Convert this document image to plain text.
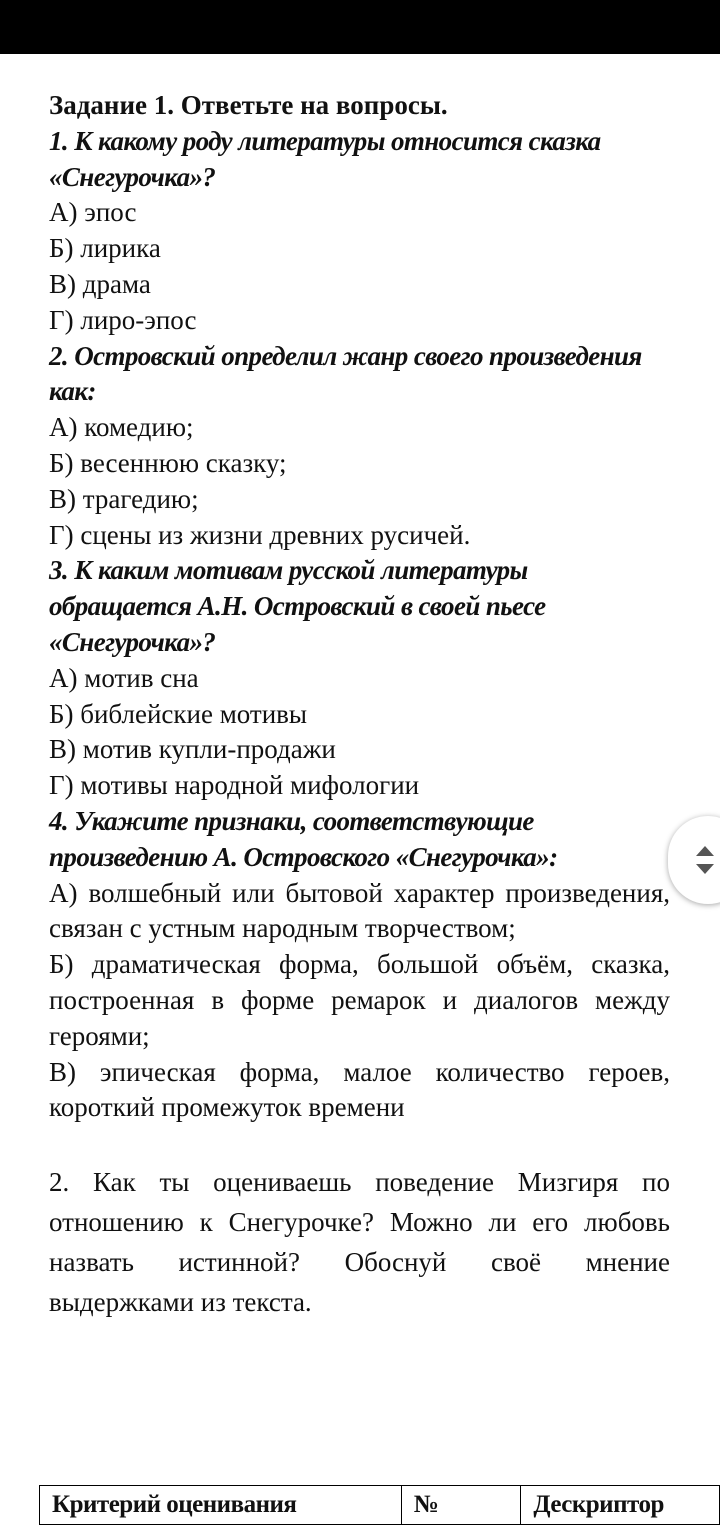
Задание 1. Ответьте на вопросы.

1. К какому роду литературы относится сказка «Снегурочка»?

А) эпос

Б) лирика

В) драма

Г) лиро-эпос

2. Островский определил жанр своего произведения как:

А) комедию;

Б) весеннюю сказку;

В) трагедию;

Г) сцены из жизни древних русичей.

3. К каким мотивам русской литературы обращается А.Н. Островский в своей пьесе «Снегурочка»?

А) мотив сна

Б) библейские мотивы

В) мотив купли-продажи

Г) мотивы народной мифологии

4. Укажите признаки, соответствующие произведению А. Островского «Снегурочка»:

А) волшебный или бытовой характер произведения, связан с устным народным творчеством;

Б) драматическая форма, большой объём, сказка, построенная в форме ремарок и диалогов между героями;

В) эпическая форма, малое количество героев, короткий промежуток времени

2. Как ты оцениваешь поведение Мизгиря по отношению к Снегурочке? Можно ли его любовь назвать истинной? Обоснуй своё мнение выдержками из текста.

Критерий оценивания	№	Дескриптор
